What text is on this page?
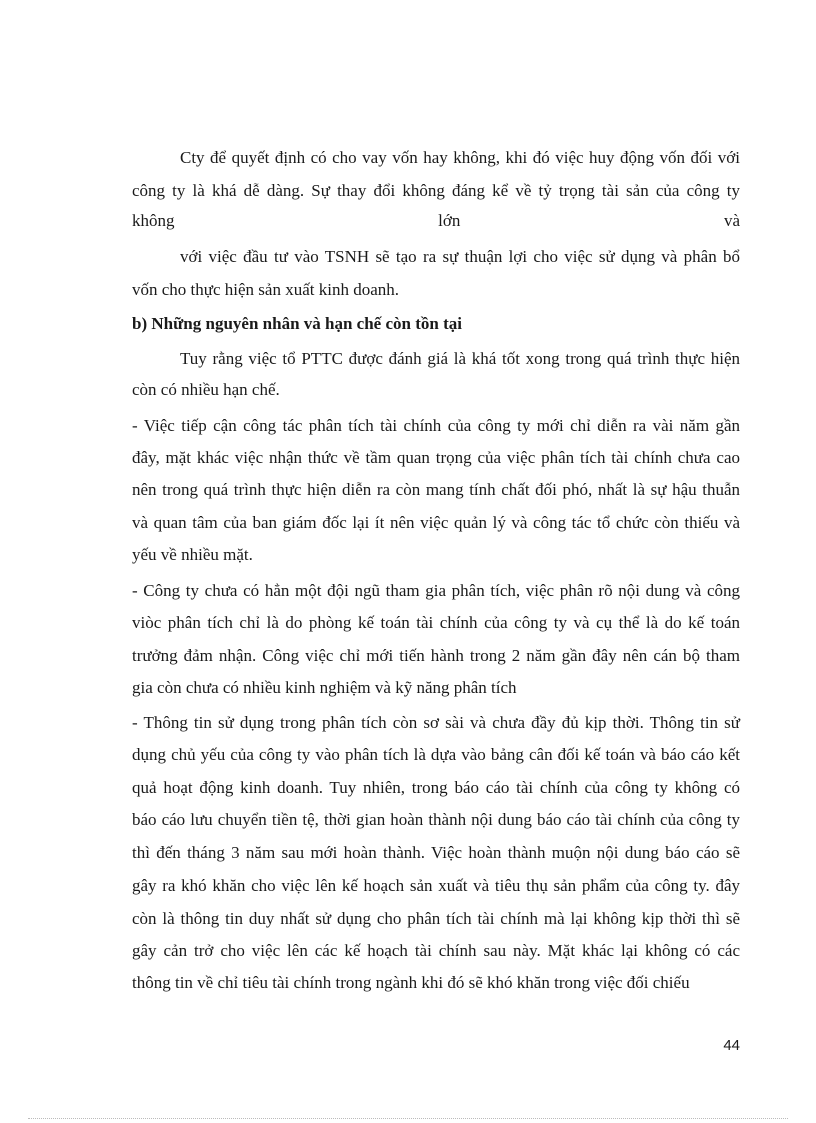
Cty để quyết định có cho vay vốn hay không, khi đó việc huy động vốn đối với
công ty là khá dễ dàng. Sự thay đổi không đáng kể về tỷ trọng tài sản của công ty
không	lớn	và
với việc đầu tư vào TSNH sẽ tạo ra sự thuận lợi cho việc sử dụng và phân bổ
vốn cho thực hiện sản xuất kinh doanh.
b) Những nguyên nhân và hạn chế còn tồn tại
Tuy rằng việc tổ PTTC được đánh giá là khá tốt xong trong quá trình thực hiện
còn có nhiều hạn chế.
- Việc tiếp cận công tác phân tích tài chính của công ty mới chỉ diễn ra vài năm gần
đây, mặt khác việc nhận thức về tầm quan trọng của việc phân tích tài chính chưa cao
nên trong quá trình thực hiện diễn ra còn mang tính chất đối phó, nhất là sự hậu thuẫn
và quan tâm của ban giám đốc lại ít nên việc quản lý và công tác tổ chức còn thiếu và
yếu về nhiều mặt.
- Công ty chưa có hẳn một đội ngũ tham gia phân tích, việc phân rõ nội dung và công
viòc phân tích chỉ là do phòng kế toán tài chính của công ty và cụ thể là do kế toán
trưởng đảm nhận. Công việc chỉ mới tiến hành trong 2 năm gần đây nên cán bộ tham
gia còn chưa có nhiều kinh nghiệm và kỹ năng phân tích
- Thông tin sử dụng trong phân tích còn sơ sài và chưa đầy đủ kịp thời. Thông tin sử
dụng chủ yếu của công ty vào phân tích là dựa vào bảng cân đối kế toán và báo cáo kết
quả hoạt động kinh doanh. Tuy nhiên, trong báo cáo tài chính của công ty không có
báo cáo lưu chuyển tiền tệ, thời gian hoàn thành nội dung báo cáo tài chính của công ty
thì đến tháng 3 năm sau mới hoàn thành. Việc hoàn thành muộn nội dung báo cáo sẽ
gây ra khó khăn cho việc lên kế hoạch sản xuất và tiêu thụ sản phẩm của công ty. đây
còn là thông tin duy nhất sử dụng cho phân tích tài chính mà lại không kịp thời thì sẽ
gây cản trở cho việc lên các kế hoạch tài chính sau này. Mặt khác lại không có các
thông tin về chỉ tiêu tài chính trong ngành khi đó sẽ khó khăn trong việc đối chiếu
44
